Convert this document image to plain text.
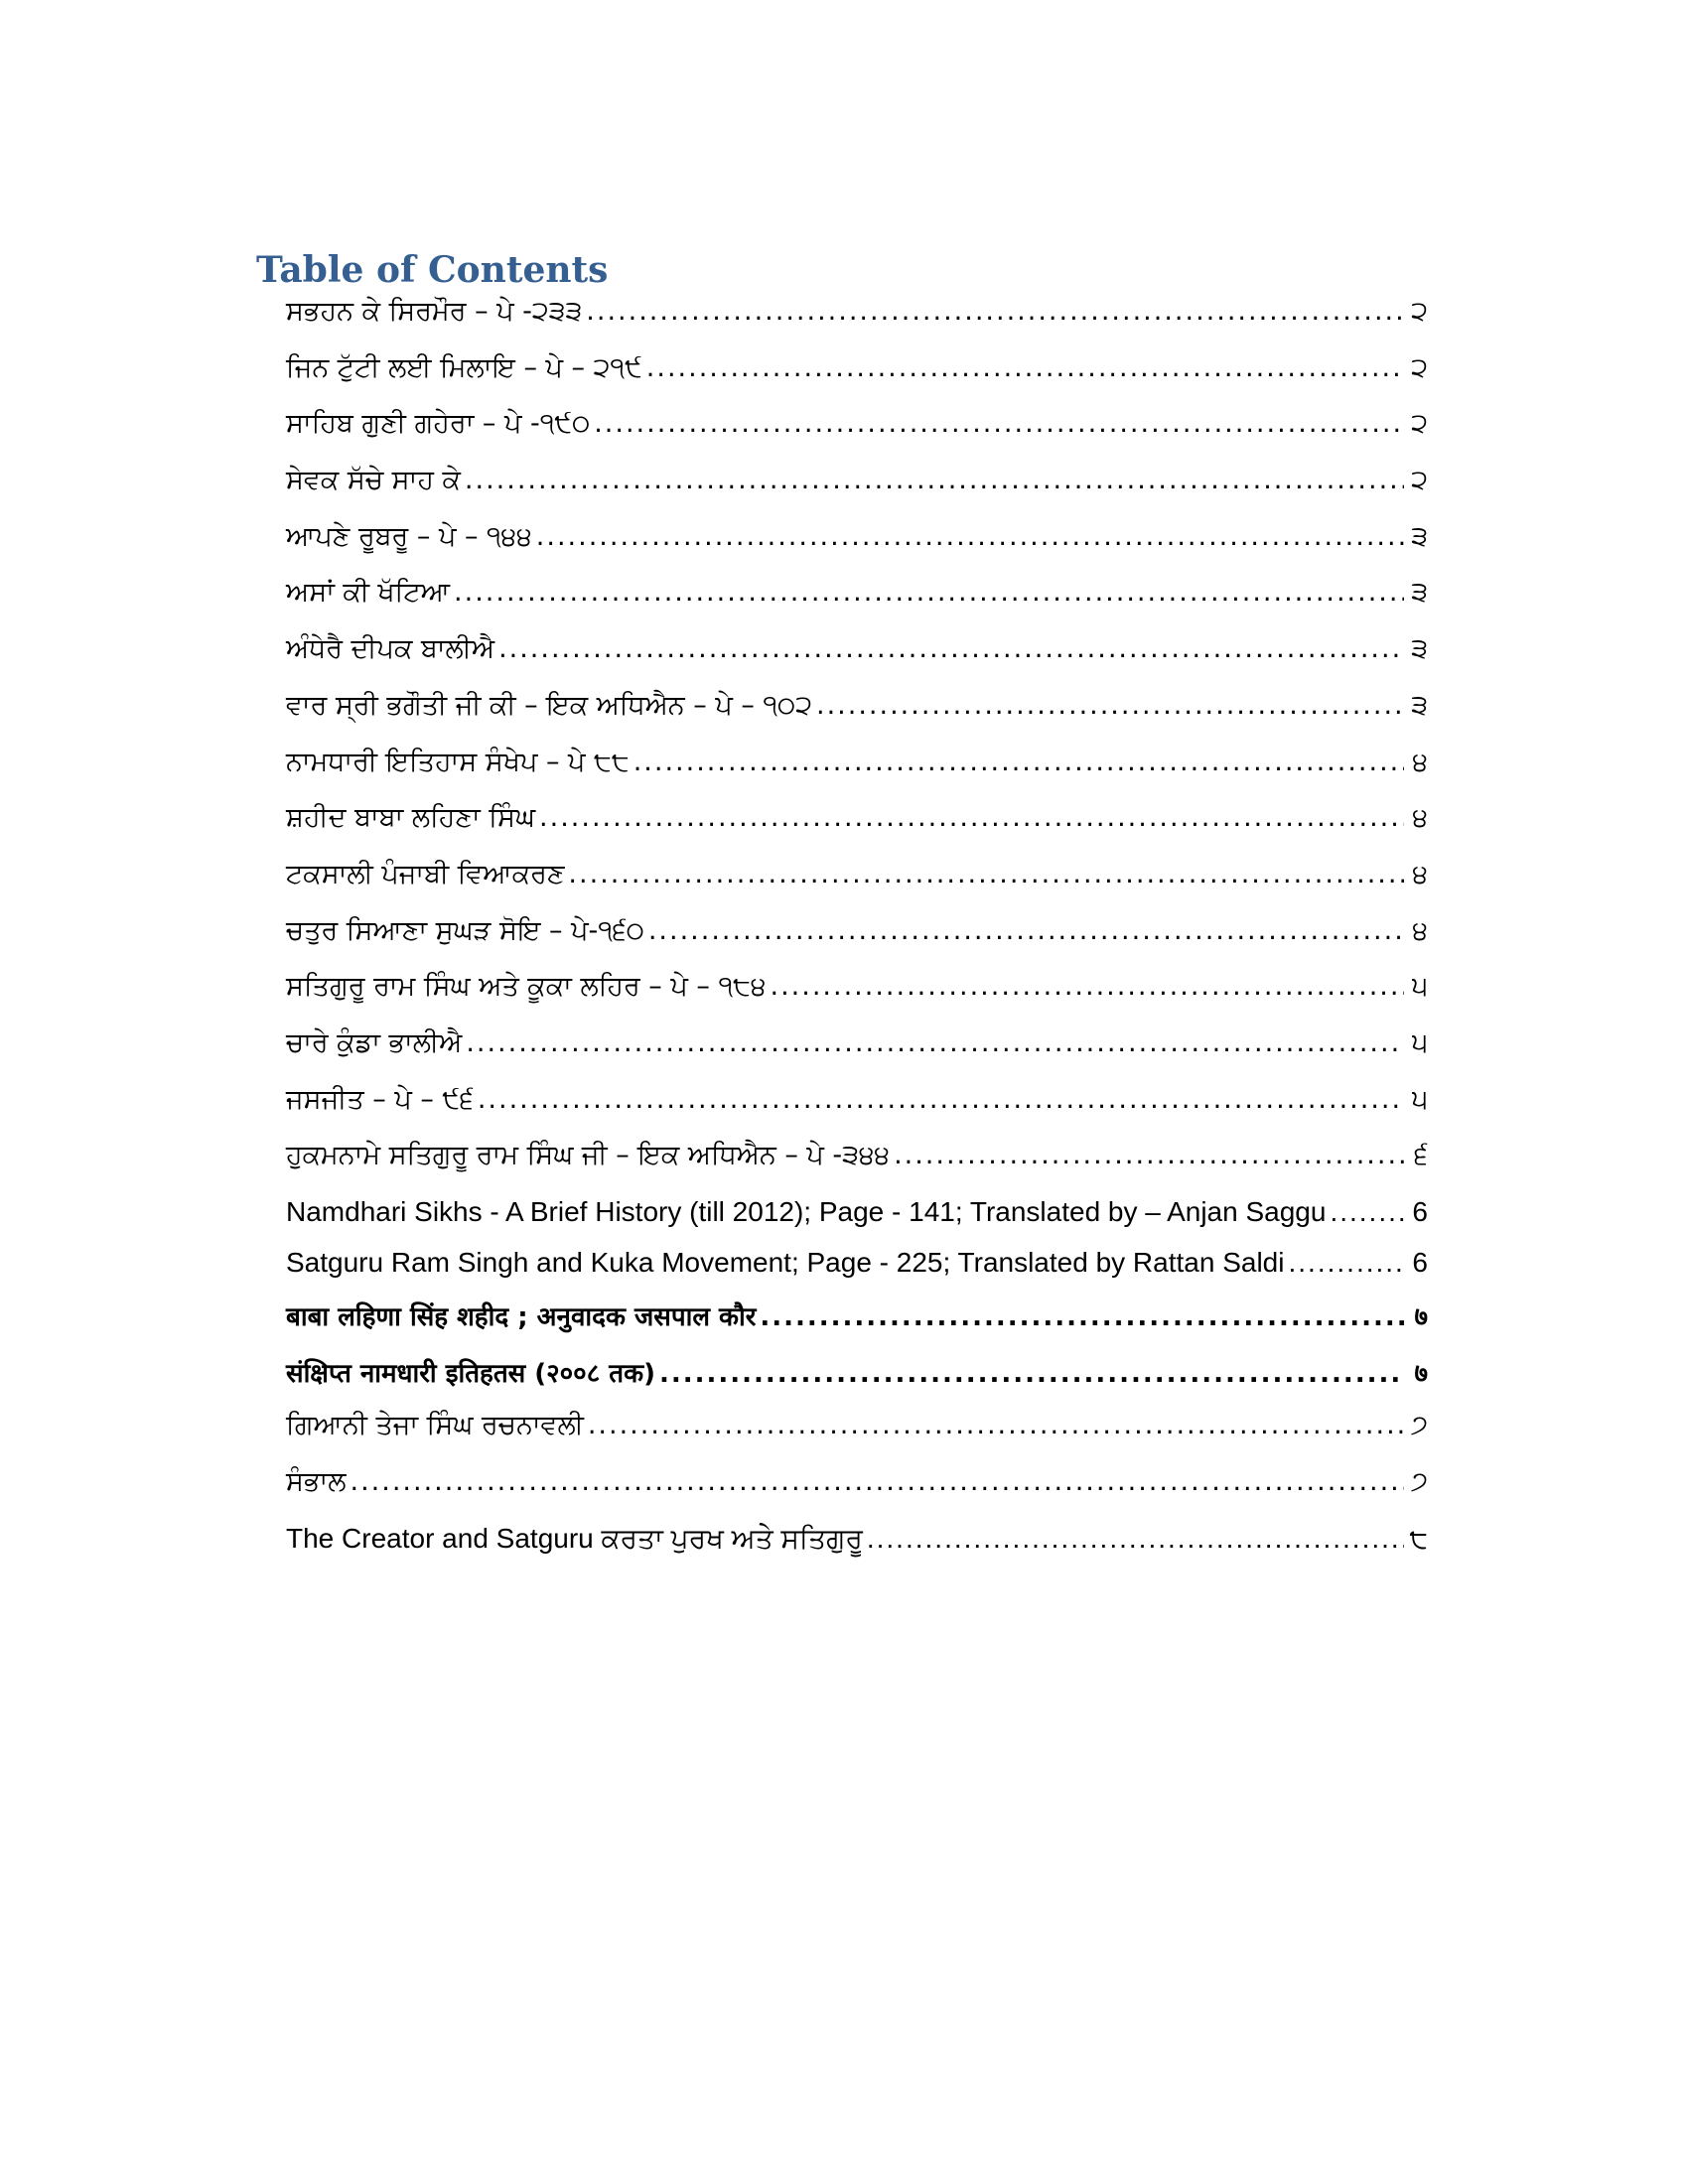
Table of Contents
ਸਭਹਨ ਕੇ ਸਿਰਮੌਰ – ਪੇ -੨੩੩ .....	੨
ਜਿਨ ਟੁੱਟੀ ਲਈ ਮਿਲਾਇ – ਪੇ – ੨੧੯ .....	੨
ਸਾਹਿਬ ਗੁਣੀ ਗਹੇਰਾ – ਪੇ -੧੯੦ .....	੨
ਸੇਵਕ ਸੱਚੇ ਸਾਹ ਕੇ .....	੨
ਆਪਣੇ ਰੂਬਰੂ – ਪੇ – ੧੪੪ .....	੩
ਅਸਾਂ ਕੀ ਖੱਟਿਆ .....	੩
ਅੰਧੇਰੈ ਦੀਪਕ ਬਾਲੀਐ .....	੩
ਵਾਰ ਸ੍ਰੀ ਭਗੌਤੀ ਜੀ ਕੀ – ਇਕ ਅਧਿਐਨ – ਪੇ – ੧੦੨ .....	੩
ਨਾਮਧਾਰੀ ਇਤਿਹਾਸ ਸੰਖੇਪ – ਪੇ ੮੮ .....	੪
ਸ਼ਹੀਦ ਬਾਬਾ ਲਹਿਣਾ ਸਿੰਘ .....	੪
ਟਕਸਾਲੀ ਪੰਜਾਬੀ ਵਿਆਕਰਣ .....	੪
ਚਤੁਰ ਸਿਆਣਾ ਸੁਘੜ ਸੋਇ – ਪੇ-੧੬੦ .....	੪
ਸਤਿਗੁਰੂ ਰਾਮ ਸਿੰਘ ਅਤੇ ਕੂਕਾ ਲਹਿਰ – ਪੇ – ੧੮੪ .....	੫
ਚਾਰੇ ਕੁੰਡਾ ਭਾਲੀਐ .....	੫
ਜਸਜੀਤ – ਪੇ – ੯੬ .....	੫
ਹੁਕਮਨਾਮੇ ਸਤਿਗੁਰੂ ਰਾਮ ਸਿੰਘ ਜੀ – ਇਕ ਅਧਿਐਨ – ਪੇ -੩੪੪ .....	੬
Namdhari Sikhs - A Brief History (till 2012); Page - 141; Translated by – Anjan Saggu .....	6
Satguru Ram Singh and Kuka Movement; Page - 225; Translated by Rattan Saldi .....	6
बाबा लहिणा सिंह शहीद ; अनुवादक जसपाल कौर .....	७
संक्षिप्त नामधारी इतिहतस (२००८ तक) .....	७
ਗਿਆਨੀ ਤੇਜਾ ਸਿੰਘ ਰਚਨਾਵਲੀ .....	੭
ਸੰਭਾਲ .....	੭
The Creator and Satguru ਕਰਤਾ ਪੁਰਖ ਅਤੇ ਸਤਿਗੁਰੂ .....	੮
